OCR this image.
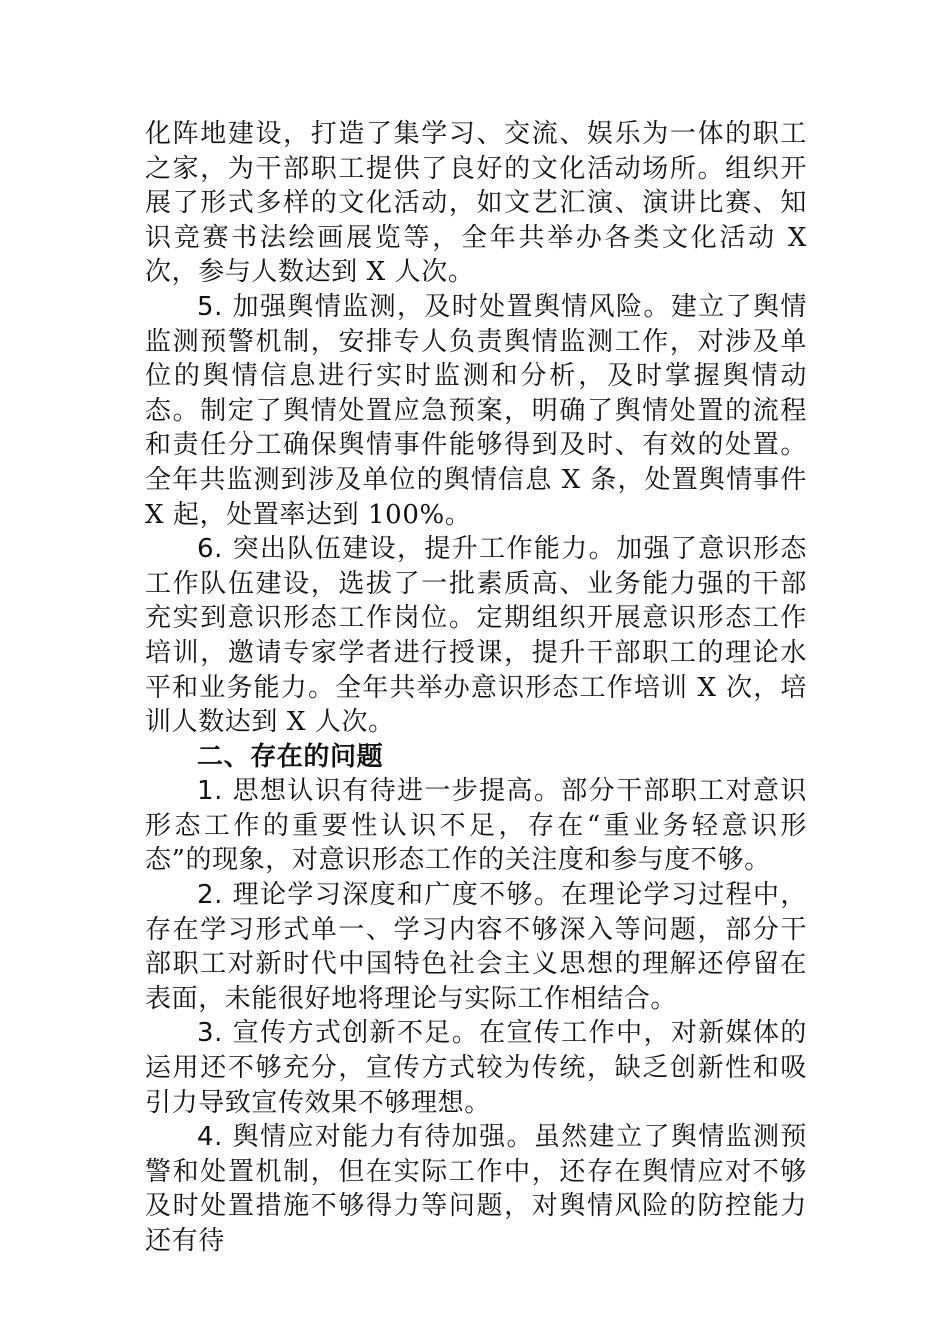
化阵地建设，打造了集学习、交流、娱乐为一体的职工之家，为干部职工提供了良好的文化活动场所。组织开展了形式多样的文化活动，如文艺汇演、演讲比赛、知识竞赛书法绘画展览等，全年共举办各类文化活动 X 次，参与人数达到 X 人次。

5. 加强舆情监测，及时处置舆情风险。建立了舆情监测预警机制，安排专人负责舆情监测工作，对涉及单位的舆情信息进行实时监测和分析，及时掌握舆情动态。制定了舆情处置应急预案，明确了舆情处置的流程和责任分工确保舆情事件能够得到及时、有效的处置。全年共监测到涉及单位的舆情信息 X 条，处置舆情事件 X 起，处置率达到 100%。

6. 突出队伍建设，提升工作能力。加强了意识形态工作队伍建设，选拔了一批素质高、业务能力强的干部充实到意识形态工作岗位。定期组织开展意识形态工作培训，邀请专家学者进行授课，提升干部职工的理论水平和业务能力。全年共举办意识形态工作培训 X 次，培训人数达到 X 人次。

二、存在的问题

1. 思想认识有待进一步提高。部分干部职工对意识形态工作的重要性认识不足，存在“重业务轻意识形态”的现象，对意识形态工作的关注度和参与度不够。

2. 理论学习深度和广度不够。在理论学习过程中，存在学习形式单一、学习内容不够深入等问题，部分干部职工对新时代中国特色社会主义思想的理解还停留在表面，未能很好地将理论与实际工作相结合。

3. 宣传方式创新不足。在宣传工作中，对新媒体的运用还不够充分，宣传方式较为传统，缺乏创新性和吸引力导致宣传效果不够理想。

4. 舆情应对能力有待加强。虽然建立了舆情监测预警和处置机制，但在实际工作中，还存在舆情应对不够及时处置措施不够得力等问题，对舆情风险的防控能力还有待
